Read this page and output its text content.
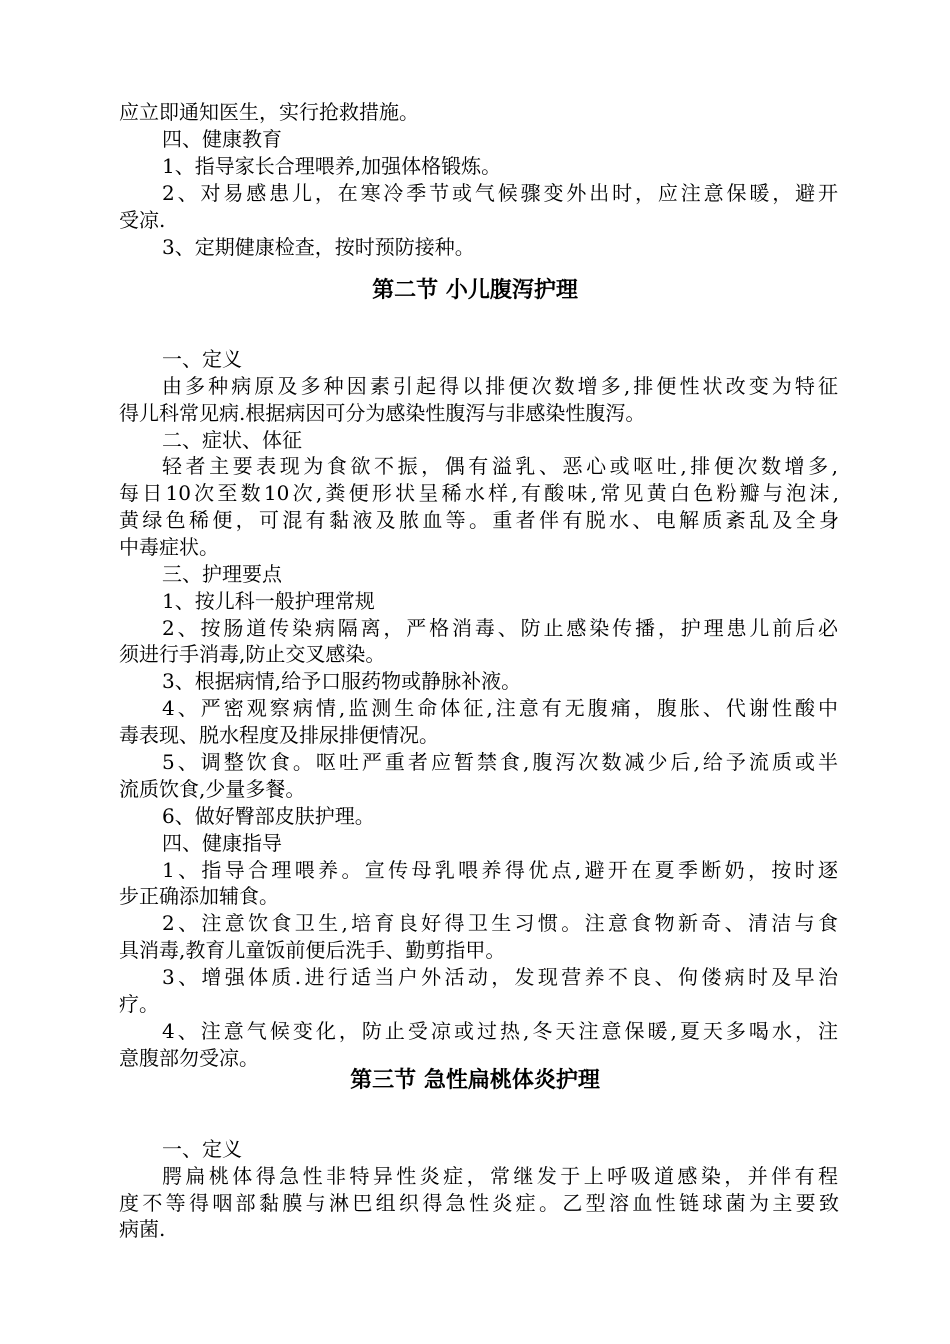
应立即通知医生，实行抢救措施。
四、健康教育
1、指导家长合理喂养,加强体格锻炼。
2、对易感患儿，在寒冷季节或气候骤变外出时，应注意保暖，避开
受凉.
3、定期健康检查，按时预防接种。
第二节 小儿腹泻护理
一、定义
由多种病原及多种因素引起得以排便次数增多,排便性状改变为特征
得儿科常见病.根据病因可分为感染性腹泻与非感染性腹泻。
二、症状、体征
轻者主要表现为食欲不振，偶有溢乳、恶心或呕吐,排便次数增多,
每日10次至数10次,粪便形状呈稀水样,有酸味,常见黄白色粉瓣与泡沫,
黄绿色稀便，可混有黏液及脓血等。重者伴有脱水、电解质紊乱及全身
中毒症状。
三、护理要点
1、按儿科一般护理常规
2、按肠道传染病隔离，严格消毒、防止感染传播，护理患儿前后必
须进行手消毒,防止交叉感染。
3、根据病情,给予口服药物或静脉补液。
4、严密观察病情,监测生命体征,注意有无腹痛，腹胀、代谢性酸中
毒表现、脱水程度及排尿排便情况。
5、调整饮食。呕吐严重者应暂禁食,腹泻次数减少后,给予流质或半
流质饮食,少量多餐。
6、做好臀部皮肤护理。
四、健康指导
1、指导合理喂养。宣传母乳喂养得优点,避开在夏季断奶，按时逐
步正确添加辅食。
2、注意饮食卫生,培育良好得卫生习惯。注意食物新奇、清洁与食
具消毒,教育儿童饭前便后洗手、勤剪指甲。
3、增强体质.进行适当户外活动，发现营养不良、佝偻病时及早治
疗。
4、注意气候变化，防止受凉或过热,冬天注意保暖,夏天多喝水，注
意腹部勿受凉。
第三节 急性扁桃体炎护理
一、定义
腭扁桃体得急性非特异性炎症，常继发于上呼吸道感染，并伴有程
度不等得咽部黏膜与淋巴组织得急性炎症。乙型溶血性链球菌为主要致
病菌.
